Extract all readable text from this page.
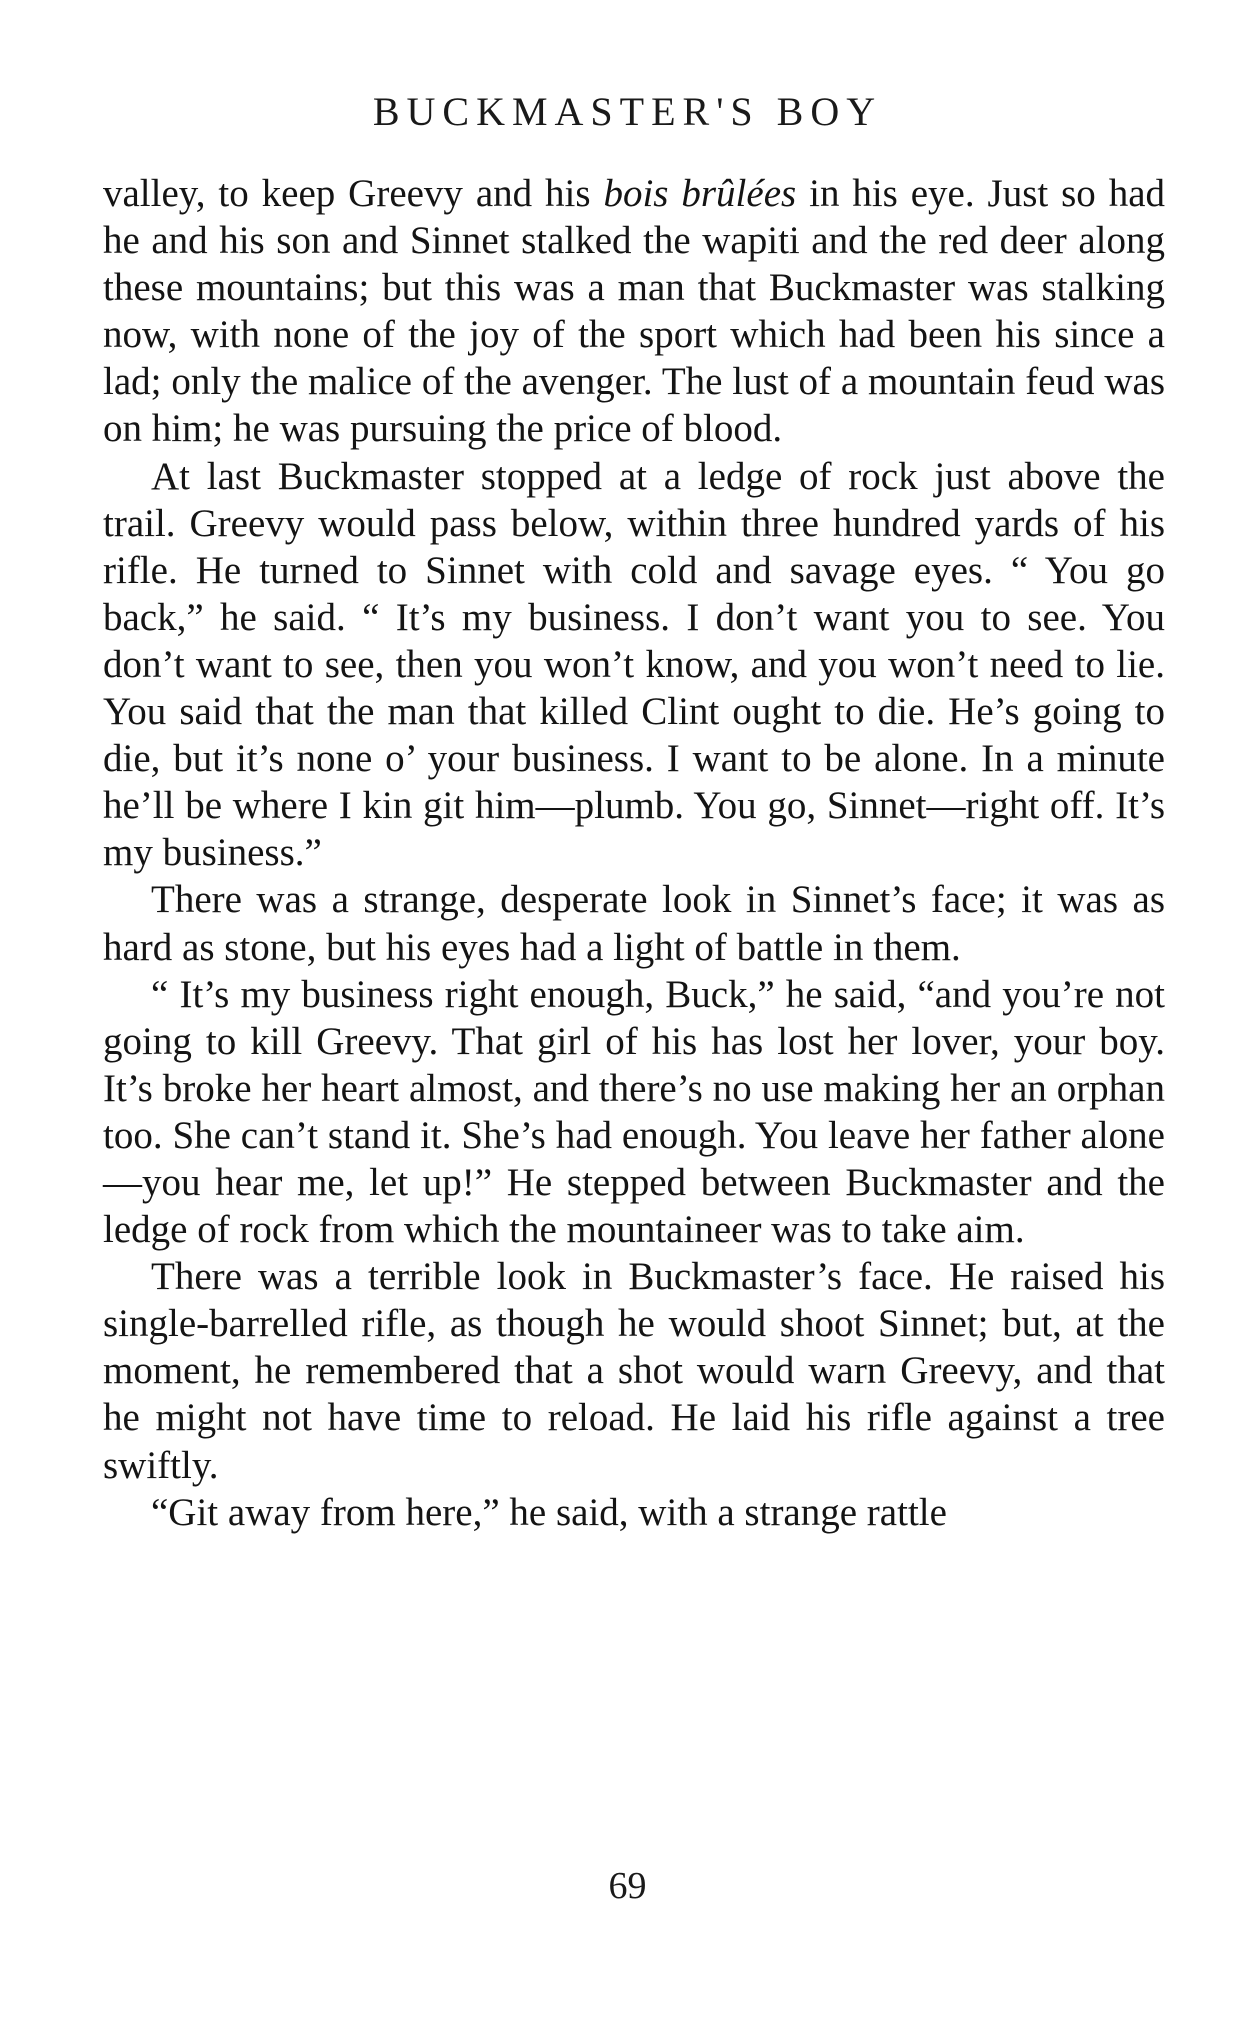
BUCKMASTER'S BOY

valley, to keep Greevy and his bois brûlées in his eye. Just so had he and his son and Sinnet stalked the wapiti and the red deer along these mountains; but this was a man that Buckmaster was stalking now, with none of the joy of the sport which had been his since a lad; only the malice of the avenger. The lust of a mountain feud was on him; he was pursuing the price of blood.

At last Buckmaster stopped at a ledge of rock just above the trail. Greevy would pass below, within three hundred yards of his rifle. He turned to Sinnet with cold and savage eyes. “ You go back,” he said. “ It’s my business. I don’t want you to see. You don’t want to see, then you won’t know, and you won’t need to lie. You said that the man that killed Clint ought to die. He’s going to die, but it’s none o’ your business. I want to be alone. In a minute he’ll be where I kin git him—plumb. You go, Sinnet—right off. It’s my business.”

There was a strange, desperate look in Sinnet’s face; it was as hard as stone, but his eyes had a light of battle in them.

“ It’s my business right enough, Buck,” he said, “and you’re not going to kill Greevy. That girl of his has lost her lover, your boy. It’s broke her heart almost, and there’s no use making her an orphan too. She can’t stand it. She’s had enough. You leave her father alone—you hear me, let up!” He stepped between Buckmaster and the ledge of rock from which the mountaineer was to take aim.

There was a terrible look in Buckmaster’s face. He raised his single-barrelled rifle, as though he would shoot Sinnet; but, at the moment, he remembered that a shot would warn Greevy, and that he might not have time to reload. He laid his rifle against a tree swiftly.

“Git away from here,” he said, with a strange rattle

69
